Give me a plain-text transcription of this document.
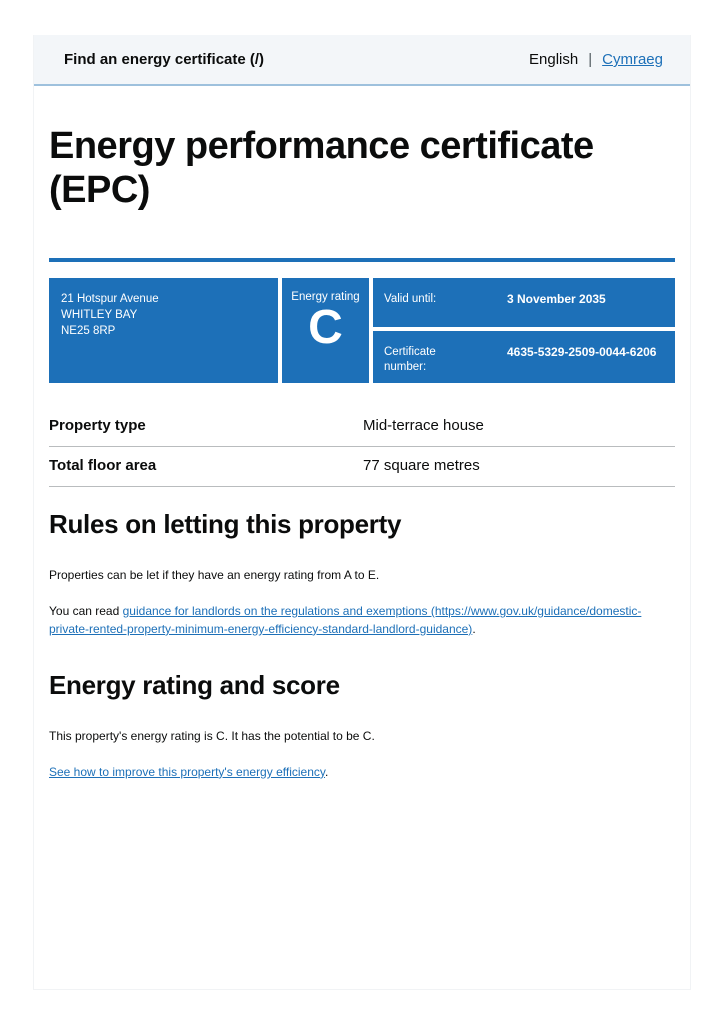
Find an energy certificate (/)	English | Cymraeg
Energy performance certificate (EPC)
21 Hotspur Avenue
WHITLEY BAY
NE25 8RP
Energy rating
C
Valid until:	3 November 2035
Certificate number:
4635-5329-2509-0044-6206
Property type	Mid-terrace house
Total floor area	77 square metres
Rules on letting this property

Properties can be let if they have an energy rating from A to E.

You can read guidance for landlords on the regulations and exemptions (https://www.gov.uk/guidance/domestic-private-rented-property-minimum-energy-efficiency-standard-landlord-guidance).

Energy rating and score

This property's energy rating is C. It has the potential to be C.

See how to improve this property's energy efficiency.
